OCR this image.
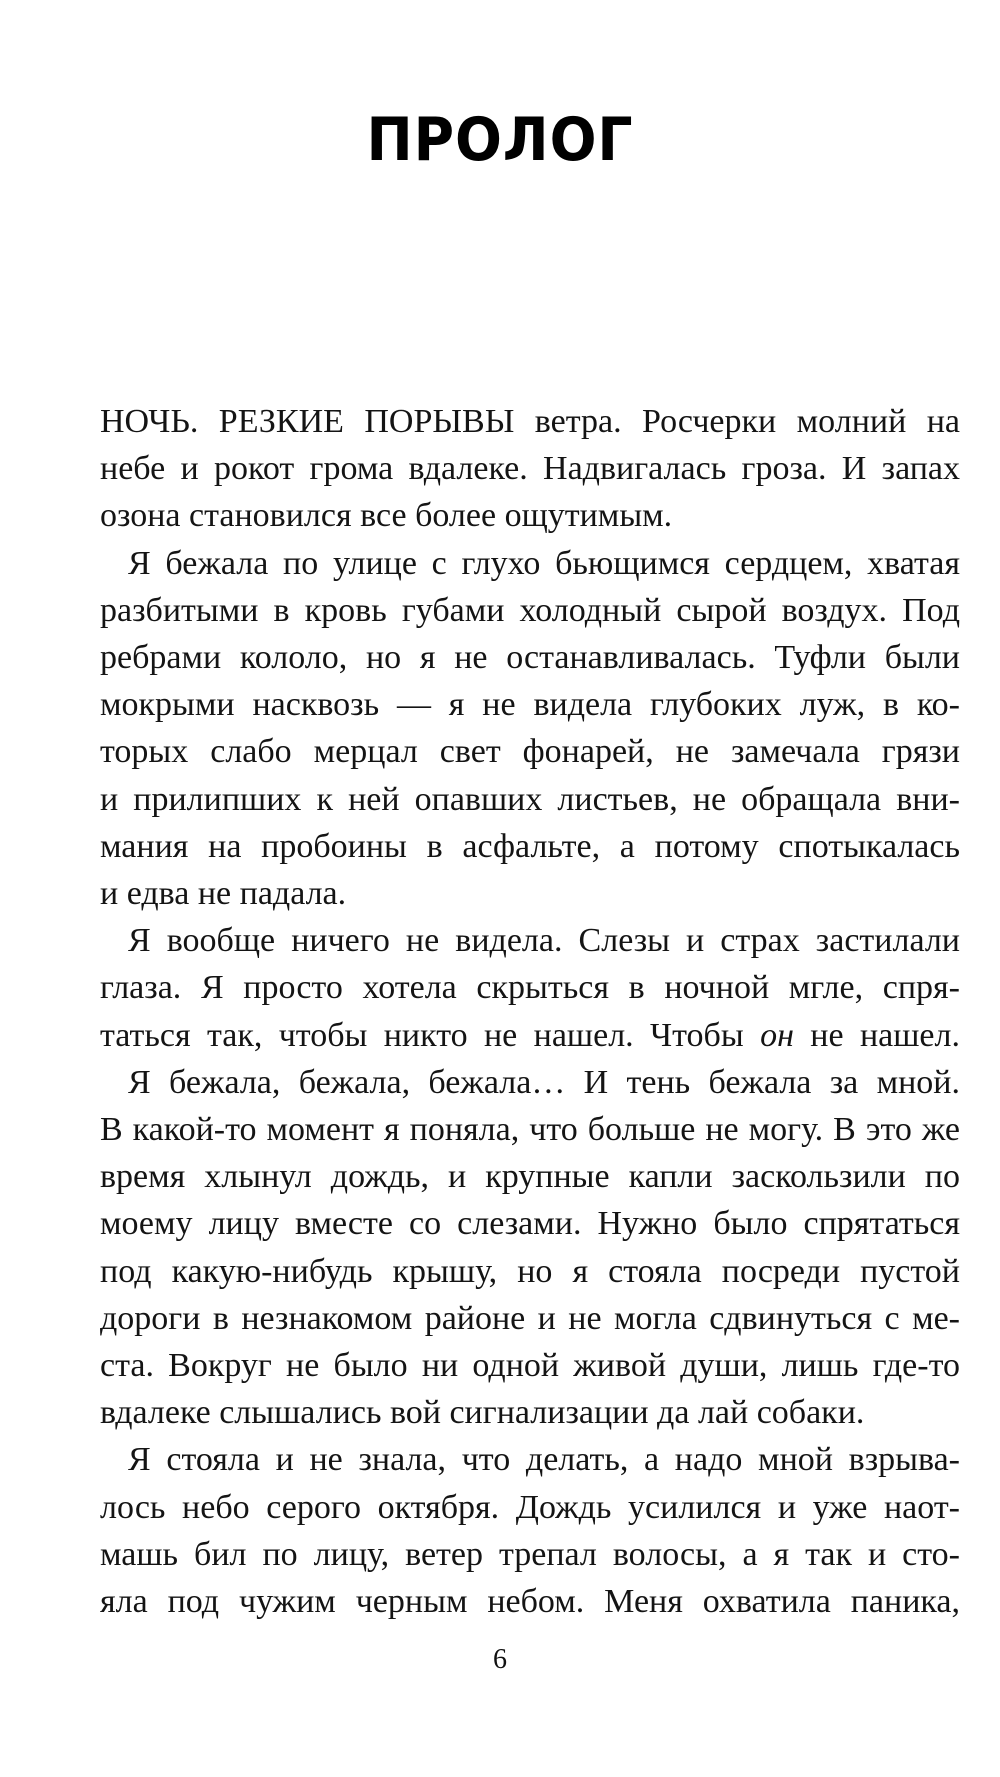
ПРОЛОГ
НОЧЬ. РЕЗКИЕ ПОРЫВЫ ветра. Росчерки молний на
небе и рокот грома вдалеке. Надвигалась гроза. И запах
озона становился все более ощутимым.
Я бежала по улице с глухо бьющимся сердцем, хватая
разбитыми в кровь губами холодный сырой воздух. Под
ребрами кололо, но я не останавливалась. Туфли были
мокрыми насквозь — я не видела глубоких луж, в ко-
торых слабо мерцал свет фонарей, не замечала грязи
и прилипших к ней опавших листьев, не обращала вни-
мания на пробоины в асфальте, а потому спотыкалась
и едва не падала.
Я вообще ничего не видела. Слезы и страх застилали
глаза. Я просто хотела скрыться в ночной мгле, спря-
таться так, чтобы никто не нашел. Чтобы он не нашел.
Я бежала, бежала, бежала… И тень бежала за мной.
В какой-то момент я поняла, что больше не могу. В это же
время хлынул дождь, и крупные капли заскользили по
моему лицу вместе со слезами. Нужно было спрятаться
под какую-нибудь крышу, но я стояла посреди пустой
дороги в незнакомом районе и не могла сдвинуться с ме-
ста. Вокруг не было ни одной живой души, лишь где-то
вдалеке слышались вой сигнализации да лай собаки.
Я стояла и не знала, что делать, а надо мной взрыва-
лось небо серого октября. Дождь усилился и уже наот-
машь бил по лицу, ветер трепал волосы, а я так и сто-
яла под чужим черным небом. Меня охватила паника,
6
